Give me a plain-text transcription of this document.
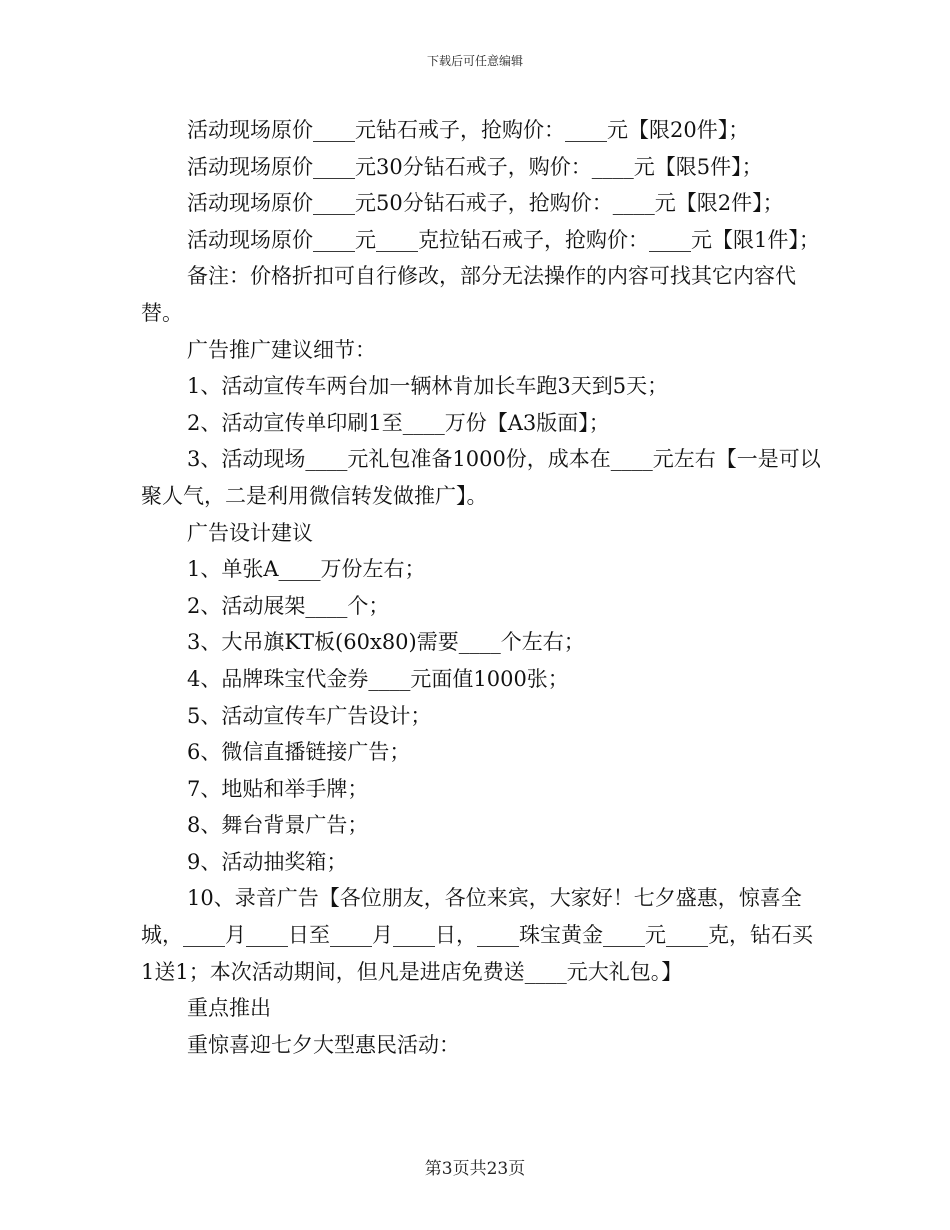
下载后可任意编辑

活动现场原价____元钻石戒子，抢购价：____元【限20件】；

活动现场原价____元30分钻石戒子，购价：____元【限5件】；

活动现场原价____元50分钻石戒子，抢购价：____元【限2件】；

活动现场原价____元____克拉钻石戒子，抢购价：____元【限1件】；

备注：价格折扣可自行修改，部分无法操作的内容可找其它内容代替。

广告推广建议细节：

1、活动宣传车两台加一辆林肯加长车跑3天到5天；

2、活动宣传单印刷1至____万份【A3版面】；

3、活动现场____元礼包准备1000份，成本在____元左右【一是可以聚人气，二是利用微信转发做推广】。

广告设计建议

1、单张A____万份左右；

2、活动展架____个；

3、大吊旗KT板(60x80)需要____个左右；

4、品牌珠宝代金券____元面值1000张；

5、活动宣传车广告设计；

6、微信直播链接广告；

7、地贴和举手牌；

8、舞台背景广告；

9、活动抽奖箱；

10、录音广告【各位朋友，各位来宾，大家好！七夕盛惠，惊喜全城，____月____日至____月____日，____珠宝黄金____元____克，钻石买1送1；本次活动期间，但凡是进店免费送____元大礼包。】

重点推出

重惊喜迎七夕大型惠民活动：

第3页共23页
